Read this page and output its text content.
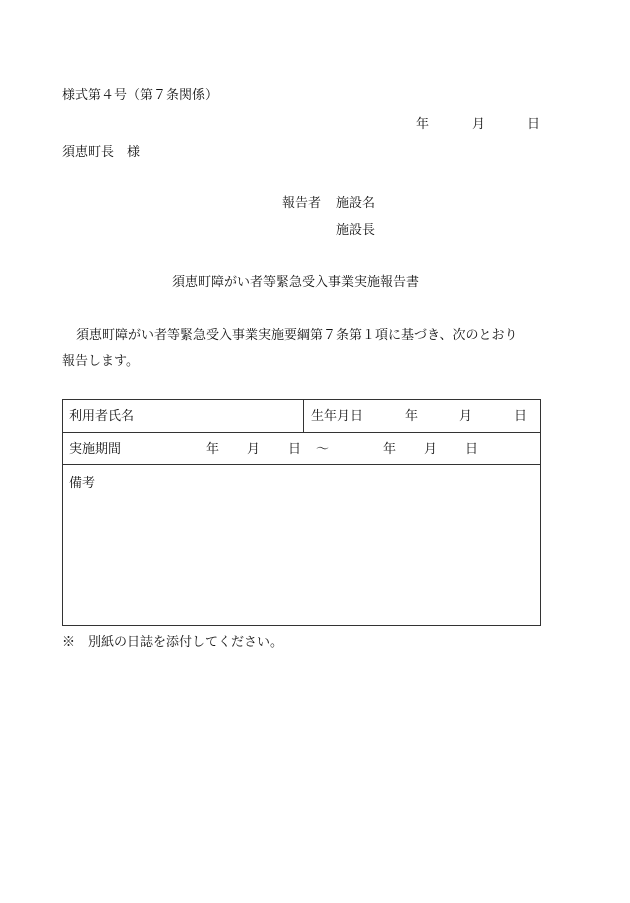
様式第４号（第７条関係）
年	月	日
須恵町長　様
報告者 施設名
施設長
須恵町障がい者等緊急受入事業実施報告書
須恵町障がい者等緊急受入事業実施要綱第７条第１項に基づき、次のとおり
報告します。
利用者氏名	生年月日	年	月	日
実施期間	年 月 日 ～	年 月 日
備考
※　別紙の日誌を添付してください。
